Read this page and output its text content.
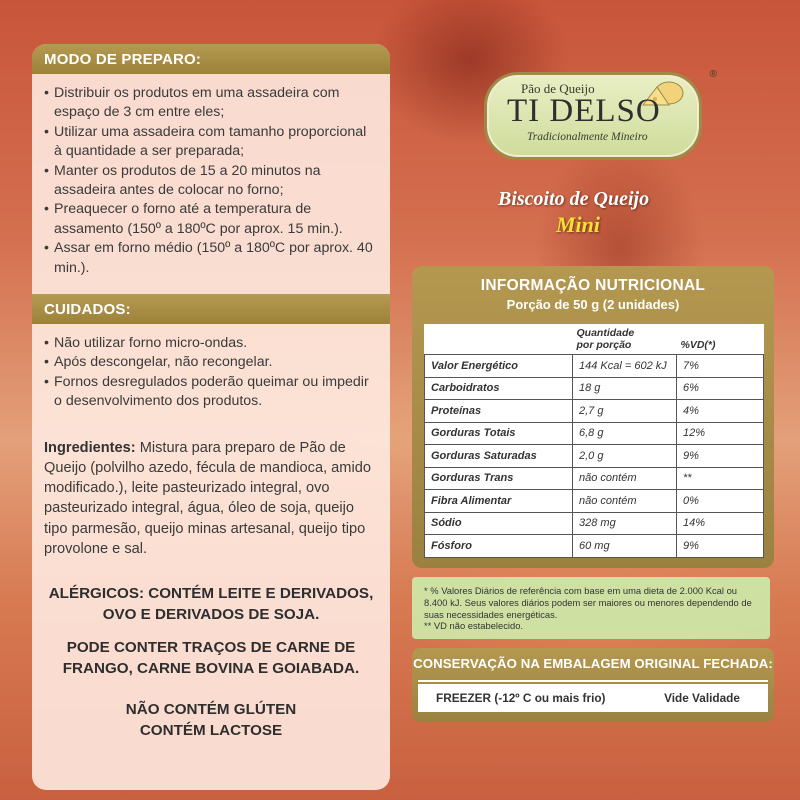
MODO DE PREPARO:
• Distribuir os produtos em uma assadeira com espaço de 3 cm entre eles;
• Utilizar uma assadeira com tamanho proporcional à quantidade a ser preparada;
• Manter os produtos de 15 a 20 minutos na assadeira antes de colocar no forno;
• Preaquecer o forno até a temperatura de assamento (150º a 180ºC por aprox. 15 min.).
• Assar em forno médio (150º a 180ºC por aprox. 40 min.).
CUIDADOS:
• Não utilizar forno micro-ondas.
• Após descongelar, não recongelar.
• Fornos desregulados poderão queimar ou impedir o desenvolvimento dos produtos.
Ingredientes: Mistura para preparo de Pão de Queijo (polvilho azedo, fécula de mandioca, amido modificado.), leite pasteurizado integral, ovo pasteurizado integral, água, óleo de soja, queijo tipo parmesão, queijo minas artesanal, queijo tipo provolone e sal.
ALÉRGICOS: CONTÉM LEITE E DERIVADOS, OVO E DERIVADOS DE SOJA.
PODE CONTER TRAÇOS DE CARNE DE FRANGO, CARNE BOVINA E GOIABADA.
NÃO CONTÉM GLÚTEN
CONTÉM LACTOSE
Pão de Queijo
TI DELSO
Tradicionalmente Mineiro
®
Biscoito de Queijo
Mini
INFORMAÇÃO NUTRICIONAL
Porção de 50 g (2 unidades)
	Quantidade
por porção	%VD(*)
Valor Energético	144 Kcal = 602 kJ	7%
Carboidratos	18 g	6%
Proteínas	2,7 g	4%
Gorduras Totais	6,8 g	12%
Gorduras Saturadas	2,0 g	9%
Gorduras Trans	não contém	**
Fibra Alimentar	não contém	0%
Sódio	328 mg	14%
Fósforo	60 mg	9%
* % Valores Diários de referência com base em uma dieta de 2.000 Kcal ou 8.400 kJ. Seus valores diários podem ser maiores ou menores dependendo de suas necessidades energéticas.
** VD não estabelecido.
CONSERVAÇÃO NA EMBALAGEM ORIGINAL FECHADA:
FREEZER (-12º C ou mais frio)	Vide Validade
